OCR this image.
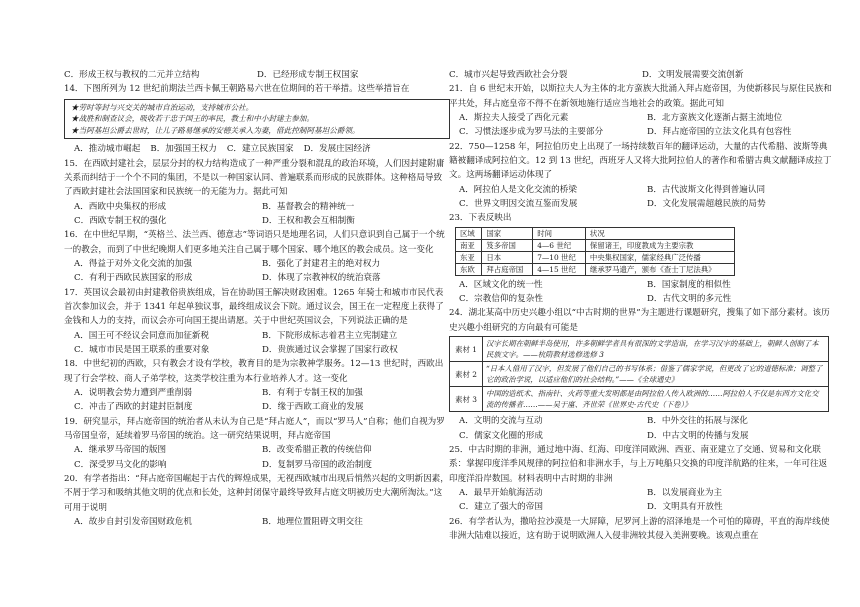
C．形成王权与教权的二元并立结构	D．已经形成专制王权国家

14．下图所列为 12 世纪前期法兰西卡佩王朝路易六世在位期间的若干举措。这些举措旨在

★劳时等封与兴交关的城市自治运动，支持城市公社。
★战胜和制查议会，吸收若干忠于国王的率民，教士和中小封建主参加。
★当阿基坦公爵去世时，让儿子路易继承的安德关承入为妻，借此控制阿基坦公爵领。
A．推动城市崛起 B．加强国王权力 C．建立民族国家 D．发展庄园经济

15．在西欧封建社会，层层分封的权力结构造成了一种严重分裂和混乱的政治环境，人们因封建附庸关系而纠结于一个个不同的集团，不是以一种国家认同、普遍联系而形成的民族群体。这种格局导致了西欧封建社会法国国家和民族统一的无能为力。据此可知

A．西欧中央集权的形成	B．基督教会的精神统一
C．西欧专制王权的强化	D．王权和教会互相制衡

16．在中世纪早期，“英格兰、法兰西、德意志”等词语只是地理名词，人们只意识到自己属于一个统一的教会，而到了中世纪晚期人们更多地关注自己属于哪个国家、哪个地区的教会成员。这一变化

A．得益于对外文化交流的加强	B．强化了封建君主的绝对权力
C．有利于西欧民族国家的形成	D．体现了宗教神权的统治衰落

17．英国议会最初由封建教俗贵族组成，旨在协助国王解决财政困难。1265 年骑士和城市市民代表首次参加议会，并于 1341 年起单独议事，最终组成议会下院。通过议会，国王在一定程度上获得了金钱和人力的支持，而议会亦可向国王提出请愿。关于中世纪英国议会，下列说法正确的是

A．国王可不经议会同意而加征新税	B．下院形成标志着君主立宪制建立
C．城市市民是国王联系的重要对象	D．贵族通过议会掌握了国家行政权

18．中世纪初的西欧，只有教会才设有学校，教育目的是为宗教神学服务。12—13 世纪时，西欧出现了行会学校、商人子弟学校，这类学校注重为本行业培养人才。这一变化

A．说明教会势力遭到严重削弱	B．有利于专制王权的加强
C．冲击了西欧的封建封臣制度	D．缘于西欧工商业的发展

19．研究显示，拜占庭帝国的统治者从未认为自己是“拜占庭人”，而以“罗马人”自称；他们自视为罗马帝国皇帝，延续着罗马帝国的统治。这一研究结果说明，拜占庭帝国

A．继承罗马帝国的版图	B．改变希腊正教的传统信仰
C．深受罗马文化的影响	D．复制罗马帝国的政治制度

20．有学者指出：“拜占庭帝国崛起于古代的辉煌成果，无视西欧城市出现后悄然兴起的文明新因素，不屑于学习和吸纳其他文明的优点和长处，这种封闭保守最终导致拜占庭文明被历史大潮所淘汰。”这可用于说明

A．故步自封引发帝国财政危机	B．地理位置阻碍文明交往
C．城市兴起导致西欧社会分裂	D．文明发展需要交流创新

21．自 6 世纪末开始，以斯拉夫人为主体的北方蛮族大批涌入拜占庭帝国，为使新移民与原住民族和平共处，拜占庭皇帝不得不在新领地施行适应当地社会的政策。据此可知

A．斯拉夫人接受了西化元素	B．北方蛮族文化逐渐占据主流地位
C．习惯法逐步成为罗马法的主要部分	D．拜占庭帝国的立法文化具有包容性

22．750—1258 年，阿拉伯历史上出现了一场持续数百年的翻译运动，大量的古代希腊、波斯等典籍被翻译成阿拉伯文。12 到 13 世纪，西班牙人又将大批阿拉伯人的著作和希腊古典文献翻译成拉丁文。这两场翻译运动体现了

A．阿拉伯人是文化交流的桥梁	B．古代波斯文化得到普遍认同
C．世界文明因交流互鉴而发展	D．文化发展需超越民族的局势

23．下表反映出

区域	国家	时间	状况
南亚	笈多帝国	4—6 世纪	保留诸王，印度教成为主要宗教
东亚	日本	7—10 世纪	中央集权国家，儒家经典广泛传播
东欧	拜占庭帝国	4—15 世纪	继承罗马遗产，颁布《查士丁尼法典》
A．区域文化的统一性	B．国家制度的相似性
C．宗教信仰的复杂性	D．古代文明的多元性

24．湖北某高中历史兴趣小组以“中古时期的世界”为主题进行课题研究，搜集了如下部分素材。该历史兴趣小组研究的方向最有可能是

素材 1	汉字长期在朝鲜半岛使用，许多朝鲜学者具有很深的文学造诣，在学习汉字的基础上，朝鲜人创制了本民族文字。——杭隋教材选修选修 3
素材 2	“日本人借用了汉字，但发展了他们自己的书写体系；借鉴了儒家学说，但更改了它的道德标准；调整了它的政治学说，以适应他们的社会结构。”——《全球通史》
素材 3	中国的造纸术、指南针、火药等重大发明都是由阿拉伯人传入欧洲的……阿拉伯人不仅是东西方文化交流的传播者……——吴于廑、齐世荣《世界史·古代史（下卷）》
A．文明的交流与互动	B．中外交往的拓展与深化
C．儒家文化圈的形成	D．中古文明的传播与发展

25．中古时期的非洲，通过地中海、红海、印度洋同欧洲、西亚、南亚建立了交通、贸易和文化联系：掌握印度洋季风规律的阿拉伯和非洲水手，与上万吨船只交换的印度洋航路的往来，一年可往返印度洋沿岸数国。材料表明中古时期的非洲

A．最早开始航海活动	B．以发展商业为主
C．建立了强大的帝国	D．文明具有开放性

26．有学者认为，撒哈拉沙漠是一大屏障，尼罗河上游的沼泽地是一个可怕的障碍，平直的海岸线使非洲大陆难以接近，这有助于说明欧洲人入侵非洲较其侵入美洲要晚。该观点重在
